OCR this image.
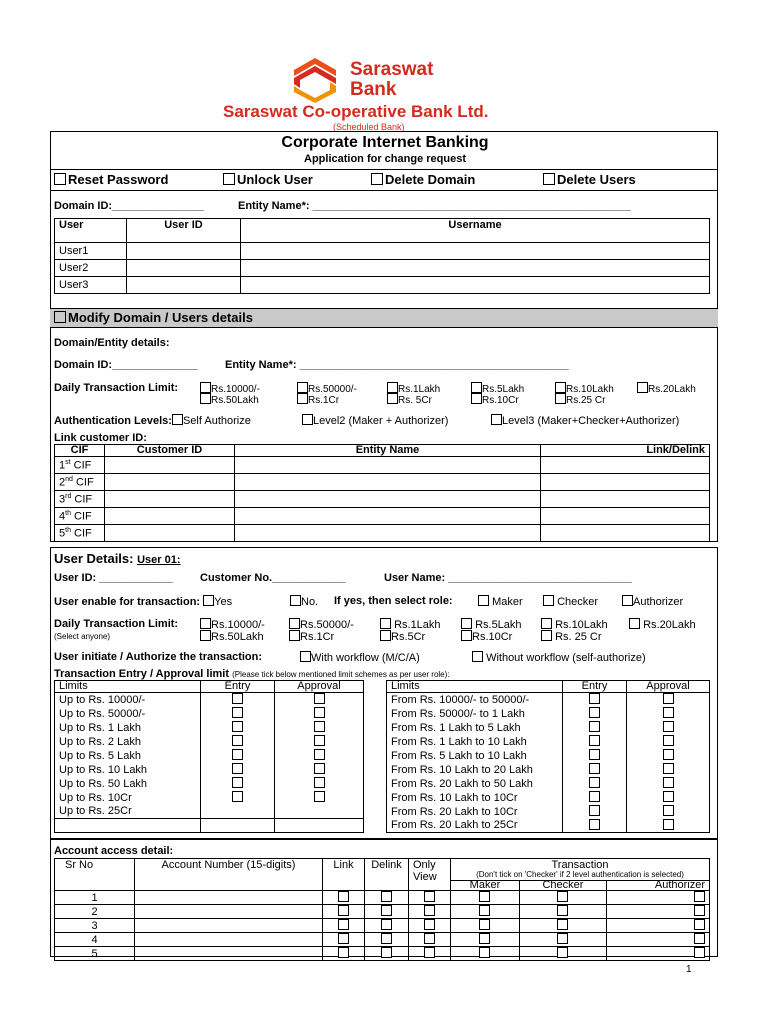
Saraswat
Bank
Saraswat Co-operative Bank Ltd.
(Scheduled Bank)
Corporate Internet Banking
Application for change request
Reset Password	Unlock User	Delete Domain	Delete Users
Domain ID:_______________	Entity Name*: ____________________________________________________
User	User ID	Username
User1		
User2		
User3		
Modify Domain / Users details
Domain/Entity details:
Domain ID:______________ Entity Name*: ____________________________________________
Daily Transaction Limit:	Rs.10000/-	Rs.50000/-	Rs.1Lakh	Rs.5Lakh	Rs.10Lakh	Rs.20Lakh
Rs.50Lakh	Rs.1Cr	Rs. 5Cr	Rs.10Cr	Rs.25 Cr
Authentication Levels: Self Authorize	Level2 (Maker + Authorizer)	Level3 (Maker+Checker+Authorizer)
Link customer ID:
CIF	Customer ID	Entity Name	Link/Delink
1st CIF			
2nd CIF			
3rd CIF			
4th CIF			
5th CIF			
User Details: User 01:
User ID: ____________ Customer No.____________	User Name: ______________________________
User enable for transaction: Yes	No. If yes, then select role:	Maker	Checker	Authorizer
Daily Transaction Limit:
(Select anyone)
Rs.10000/-	Rs.50000/-	Rs.1Lakh	Rs.5Lakh	Rs.10Lakh	Rs.20Lakh
Rs.50Lakh	Rs.1Cr	Rs.5Cr	Rs.10Cr	Rs. 25 Cr
User initiate / Authorize the transaction:	With workflow (M/C/A)	Without workflow (self-authorize)
Transaction Entry / Approval limit (Please tick below mentioned limit schemes as per user role):
Limits	Entry	Approval
Up to Rs. 10000/-		
Up to Rs. 50000/-		
Up to Rs. 1 Lakh		
Up to Rs. 2 Lakh		
Up to Rs. 5 Lakh		
Up to Rs. 10 Lakh		
Up to Rs. 50 Lakh		
Up to Rs. 10Cr		
Up to Rs. 25Cr		

Limits	Entry	Approval
From Rs. 10000/- to 50000/-		
From Rs. 50000/- to 1 Lakh		
From Rs. 1 Lakh to 5 Lakh		
From Rs. 1 Lakh to 10 Lakh		
From Rs. 5 Lakh to 10 Lakh		
From Rs. 10 Lakh to 20 Lakh		
From Rs. 20 Lakh to 50 Lakh		
From Rs. 10 Lakh to 10Cr		
From Rs. 20 Lakh to 10Cr		
From Rs. 20 Lakh to 25Cr		
Account access detail:
Sr No	Account Number (15-digits)	Link	Delink	Only View	Transaction
(Don't tick on 'Checker' if 2 level authentication is selected)		

					Maker	Checker	Authorizer
1							
2							
3							
4							
5							
1
